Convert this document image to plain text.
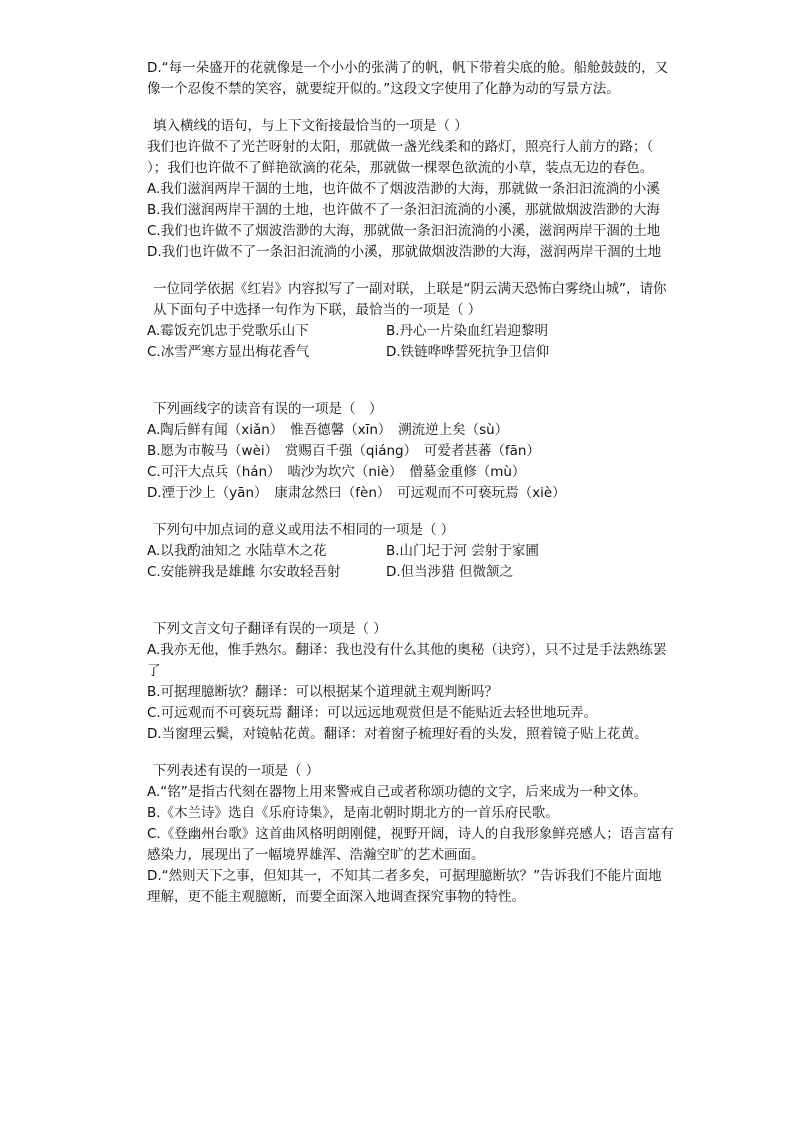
D.“每一朵盛开的花就像是一个小小的张满了的帆，帆下带着尖底的舱。船舱鼓鼓的，又像一个忍俊不禁的笑容，就要绽开似的。”这段文字使用了化静为动的写景方法。
填入横线的语句，与上下文衔接最恰当的一项是（ ）
我们也许做不了光芒呀射的太阳，那就做一盏光线柔和的路灯，照亮行人前方的路；（ ）；我们也许做不了鲜艳欲滴的花朵，那就做一棵翠色欲流的小草，装点无边的春色。
A.我们滋润两岸干涸的土地，也许做不了烟波浩渺的大海，那就做一条汩汩流淌的小溪
B.我们滋润两岸干涸的土地，也许做不了一条汩汩流淌的小溪，那就做烟波浩渺的大海
C.我们也许做不了烟波浩渺的大海，那就做一条汩汩流淌的小溪，滋润两岸干涸的土地
D.我们也许做不了一条汩汩流淌的小溪，那就做烟波浩渺的大海，滋润两岸干涸的土地
一位同学依据《红岩》内容拟写了一副对联，上联是“阴云满天恐怖白雾绕山城”，请你从下面句子中选择一句作为下联，最恰当的一项是（ ）
A.霉饭充饥忠于党歌乐山下	B.丹心一片染血红岩迎黎明
C.冰雪严寒方显出梅花香气	D.铁链哗哗誓死抗争卫信仰
下列画线字的读音有误的一项是（　）
A.陶后鲜有闻（xiǎn）　惟吾德馨（xīn）　溯流逆上矣（sù）
B.愿为市鞍马（wèi）　赏赐百千强（qiáng）　可爱者甚蕃（fān）
C.可汗大点兵（hán）　啮沙为坎穴（niè）　僧墓金重修（mù）
D.湮于沙上（yān）　康肃忿然曰（fèn）　可远观而不可亵玩焉（xiè）
下列句中加点词的意义或用法不相同的一项是（ ）
A.以我酌油知之 水陆草木之花	B.山门圮于河 尝射于家圃
C.安能辨我是雄雌 尔安敢轻吾射	D.但当涉猎 但微颔之
下列文言文句子翻译有误的一项是（ ）
A.我亦无他，惟手熟尔。翻译：我也没有什么其他的奥秘（诀窍），只不过是手法熟练罢了
B.可据理臆断欤？翻译：可以根据某个道理就主观判断吗？
C.可远观而不可亵玩焉 翻译：可以远远地观赏但是不能贴近去轻世地玩弄。
D.当窗理云鬓，对镜帖花黄。翻译：对着窗子梳理好看的头发，照着镜子贴上花黄。
下列表述有误的一项是（ ）
A.“铭”是指古代刻在器物上用来警戒自己或者称颂功德的文字，后来成为一种文体。
B.《木兰诗》选自《乐府诗集》，是南北朝时期北方的一首乐府民歌。
C.《登幽州台歌》这首曲风格明朗刚健，视野开阔，诗人的自我形象鲜亮感人；语言富有感染力，展现出了一幅境界雄浑、浩瀚空旷的艺术画面。
D.“然则天下之事，但知其一，不知其二者多矣，可据理臆断欤？”告诉我们不能片面地理解，更不能主观臆断，而要全面深入地调查探究事物的特性。
